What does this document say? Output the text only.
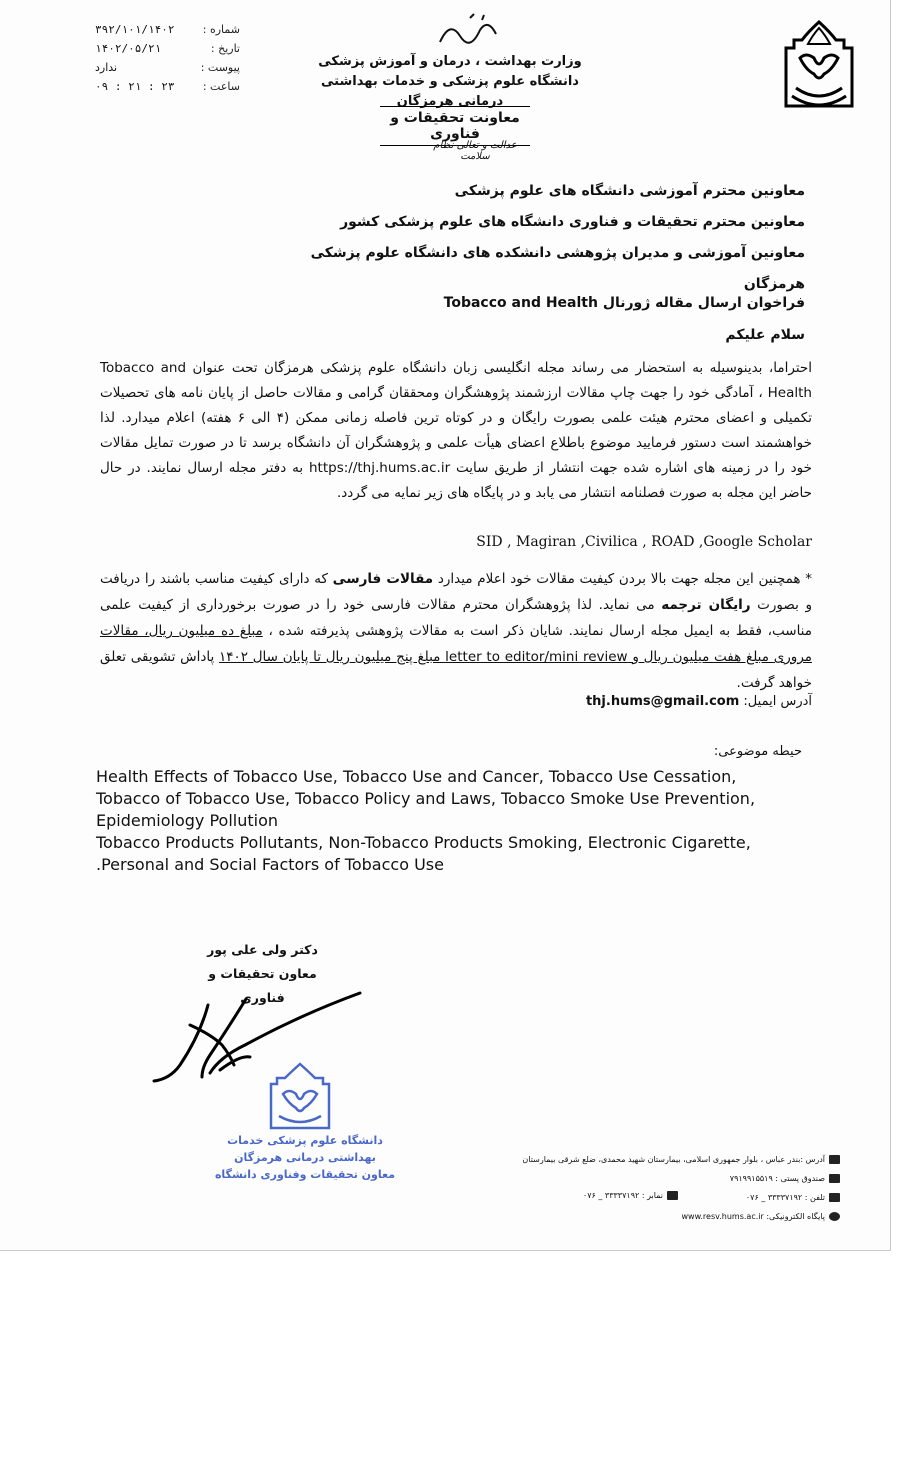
شماره :
۳۹۲/۱۰۱/۱۴۰۲
تاریخ :
۱۴۰۲/۰۵/۲۱
پیوست :
ندارد
ساعت :
۰۹ : ۲۱ : ۲۳
وزارت بهداشت ، درمان و آموزش پزشکی
دانشگاه علوم پزشکی و خدمات بهداشتی درمانی هرمزگان
معاونت تحقیقات و فناوری
عدالت و تعالی نظام سلامت
معاونین محترم آموزشی دانشگاه های علوم پزشکی
معاونین محترم تحقیقات و فناوری دانشگاه های علوم پزشکی کشور
معاونین آموزشی و مدیران پژوهشی دانشکده های دانشگاه علوم پزشکی هرمزگان
فراخوان ارسال مقاله ژورنال Tobacco and Health
سلام علیکم
احتراما، بدینوسیله به استحضار می رساند مجله انگلیسی زبان دانشگاه علوم پزشکی هرمزگان تحت عنوان Tobacco and Health ، آمادگی خود را جهت چاپ مقالات ارزشمند پژوهشگران ومحققان گرامی و مقالات حاصل از پایان نامه های تحصیلات تکمیلی و اعضای محترم هیئت علمی بصورت رایگان و در کوتاه ترین فاصله زمانی ممکن (۴ الی ۶ هفته) اعلام میدارد. لذا خواهشمند است دستور فرمایید موضوع باطلاع اعضای هیأت علمی و پژوهشگران آن دانشگاه برسد تا در صورت تمایل مقالات خود را در زمینه های اشاره شده جهت انتشار از طریق سایت https://thj.hums.ac.ir به دفتر مجله ارسال نمایند. در حال حاضر این مجله به صورت فصلنامه انتشار می یابد و در پایگاه های زیر نمایه می گردد.
SID , Magiran ,Civilica , ROAD ,Google Scholar
* همچنین این مجله جهت بالا بردن کیفیت مقالات خود اعلام میدارد مقالات فارسی که دارای کیفیت مناسب باشند را دریافت و بصورت رایگان ترجمه می نماید. لذا پژوهشگران محترم مقالات فارسی خود را در صورت برخورداری از کیفیت علمی مناسب، فقط به ایمیل مجله ارسال نمایند. شایان ذکر است به مقالات پژوهشی پذیرفته شده ، مبلغ ده میلیون ریال، مقالات مروری مبلغ هفت میلیون ریال و letter to editor/mini review مبلغ پنج میلیون ریال تا پایان سال ۱۴۰۲ پاداش تشویقی تعلق خواهد گرفت.
آدرس ایمیل: thj.hums@gmail.com
حیطه موضوعی:
Health Effects of Tobacco Use, Tobacco Use and Cancer, Tobacco Use Cessation, Tobacco of Tobacco Use, Tobacco Policy and Laws, Tobacco Smoke Use Prevention, Epidemiology Pollution
Tobacco Products Pollutants, Non-Tobacco Products Smoking, Electronic Cigarette, .Personal and Social Factors of Tobacco Use
دکتر ولی علی پور
معاون تحقیقات و فناوری
دانشگاه علوم پزشکی خدمات بهداشتی درمانی هرمزگان
معاون تحقیقات وفناوری دانشگاه
آدرس :بندر عباس ، بلوار جمهوری اسلامی، بیمارستان شهید محمدی، ضلع شرقی بیمارستان
صندوق پستی : ۷۹۱۹۹۱۵۵۱۹
تلفن : ۳۳۳۳۷۱۹۲ _ ۰۷۶
پایگاه الکترونیکی: www.resv.hums.ac.ir
نمابر : ۳۳۳۳۷۱۹۲ _ ۰۷۶
